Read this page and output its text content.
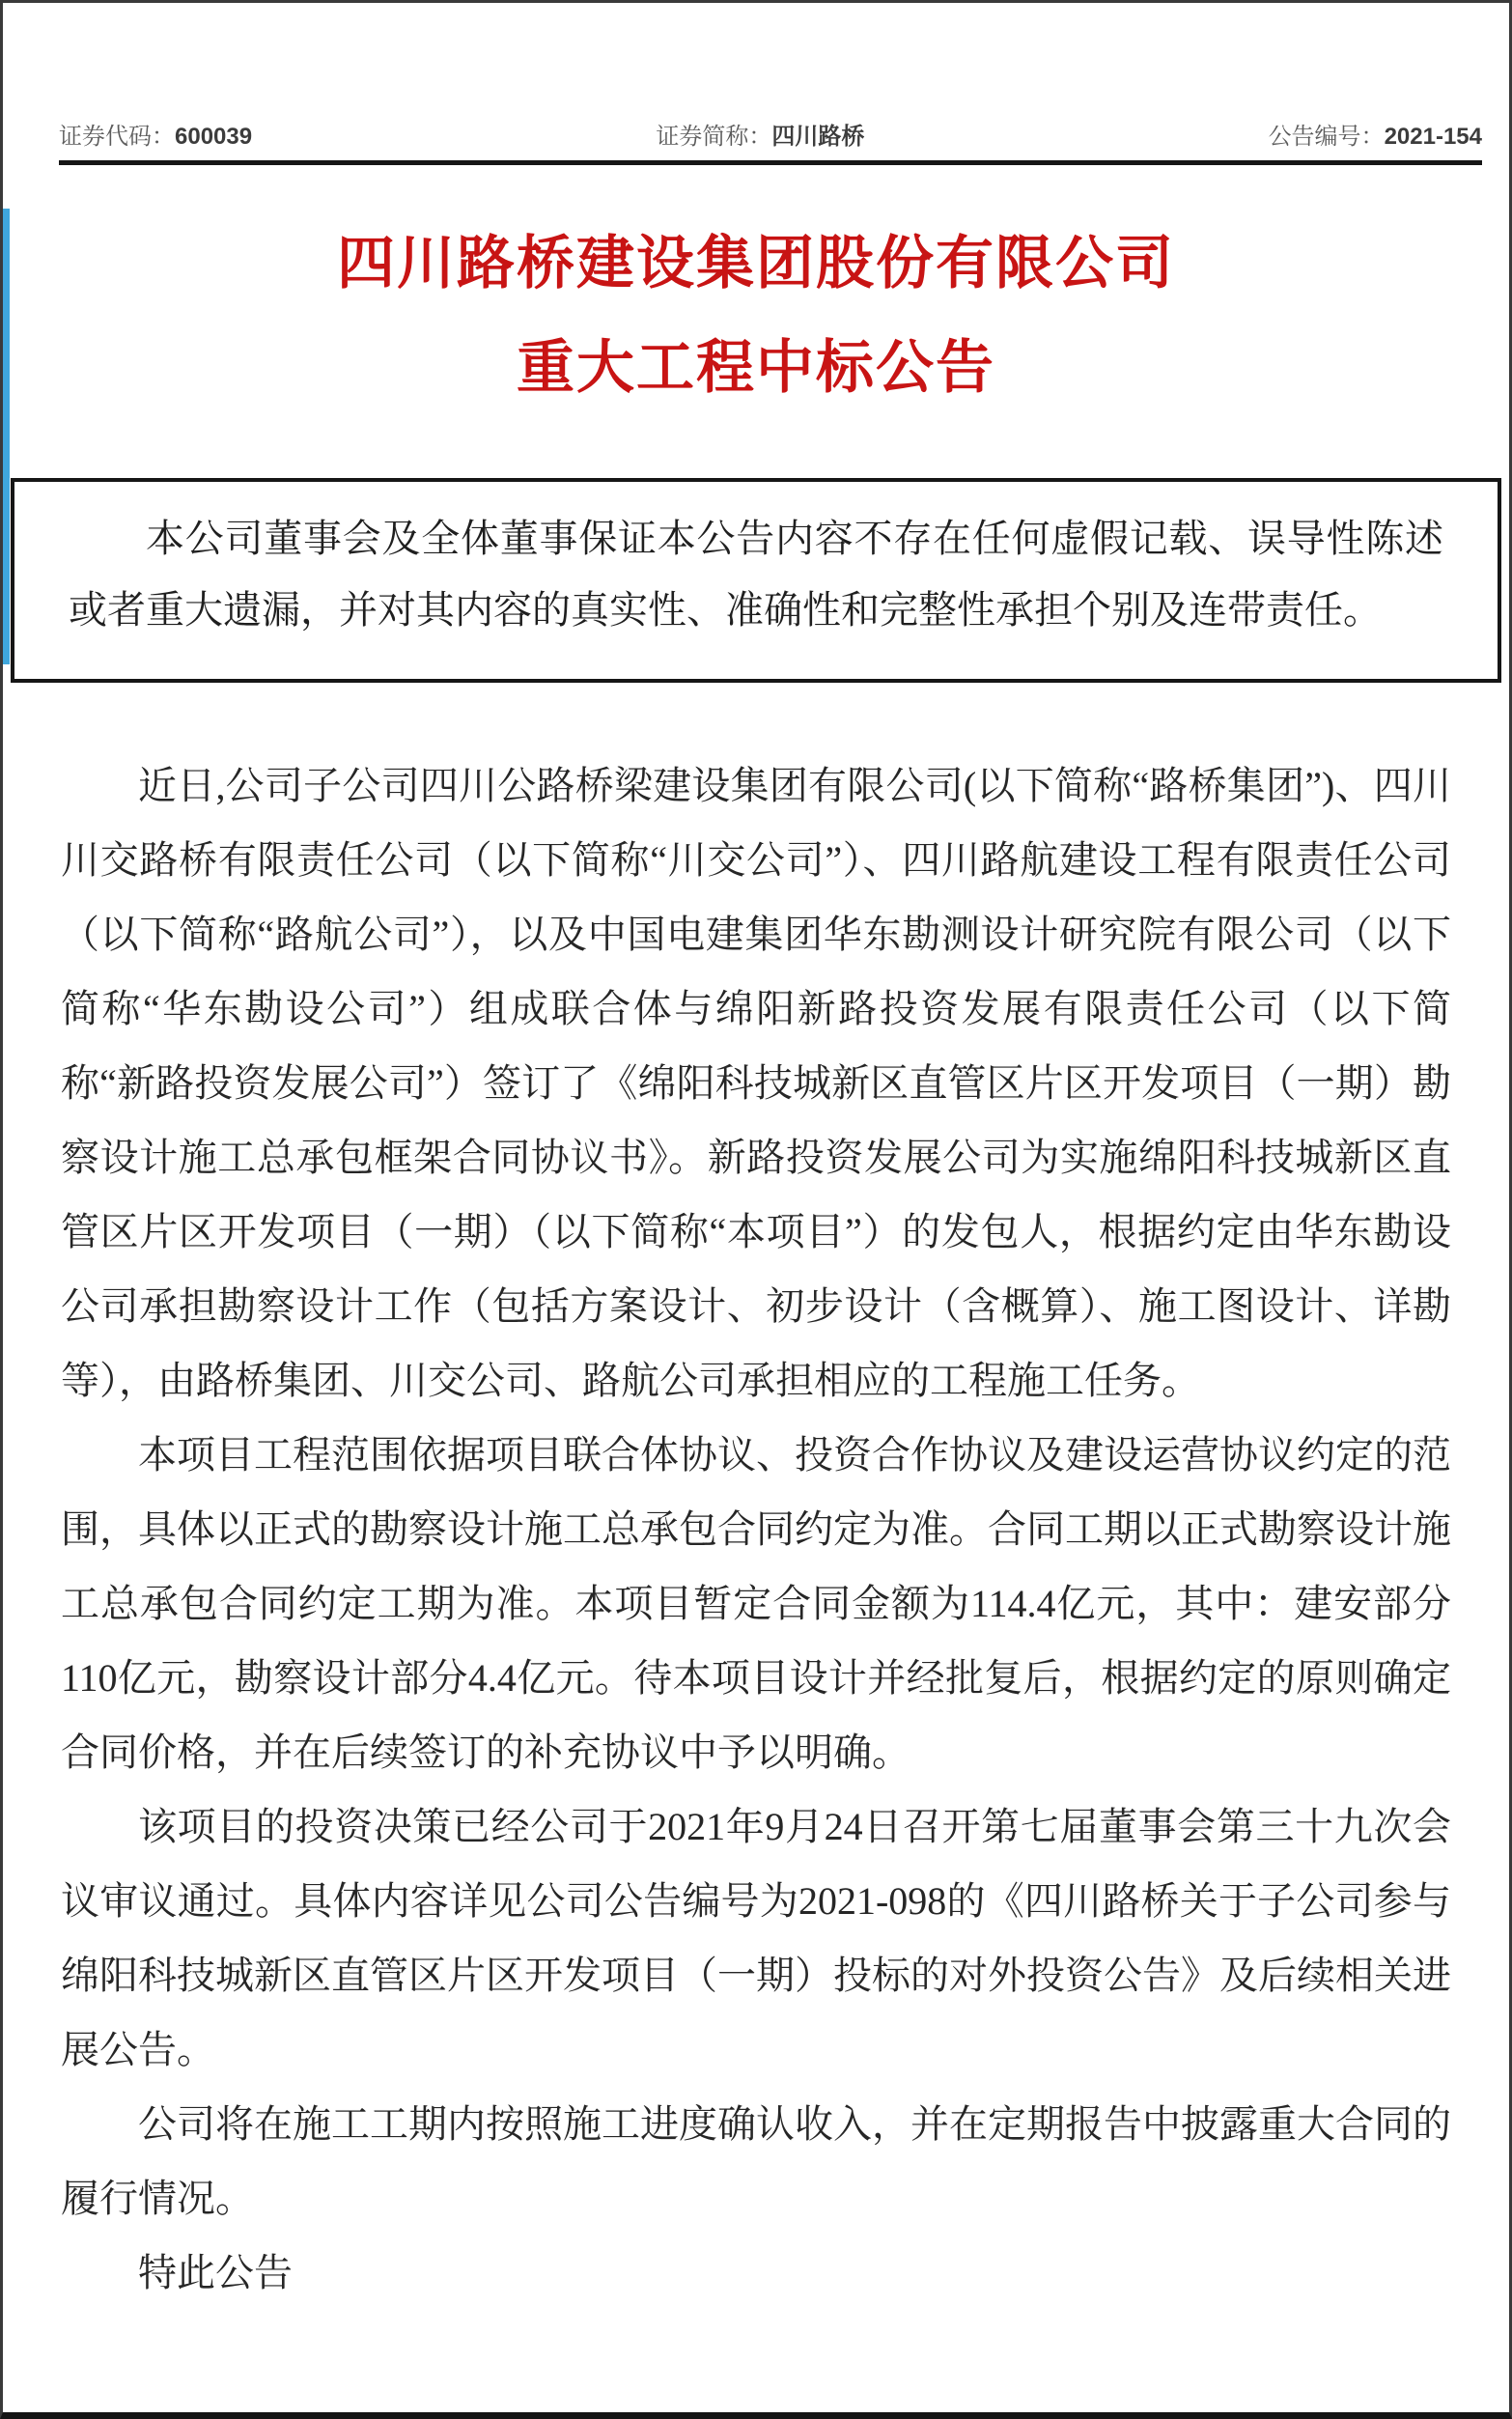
证券代码：600039	证券简称：四川路桥	公告编号：2021-154
四川路桥建设集团股份有限公司
重大工程中标公告
本公司董事会及全体董事保证本公告内容不存在任何虚假记载、误导性陈述或者重大遗漏，并对其内容的真实性、准确性和完整性承担个别及连带责任。

近日,公司子公司四川公路桥梁建设集团有限公司(以下简称“路桥集团”)、四川川交路桥有限责任公司（以下简称“川交公司”）、四川路航建设工程有限责任公司（以下简称“路航公司”），以及中国电建集团华东勘测设计研究院有限公司（以下简称“华东勘设公司”）组成联合体与绵阳新路投资发展有限责任公司（以下简称“新路投资发展公司”）签订了《绵阳科技城新区直管区片区开发项目（一期）勘察设计施工总承包框架合同协议书》。新路投资发展公司为实施绵阳科技城新区直管区片区开发项目（一期）（以下简称“本项目”）的发包人，根据约定由华东勘设公司承担勘察设计工作（包括方案设计、初步设计（含概算）、施工图设计、详勘等），由路桥集团、川交公司、路航公司承担相应的工程施工任务。

本项目工程范围依据项目联合体协议、投资合作协议及建设运营协议约定的范围，具体以正式的勘察设计施工总承包合同约定为准。合同工期以正式勘察设计施工总承包合同约定工期为准。本项目暂定合同金额为114.4亿元，其中：建安部分110亿元，勘察设计部分4.4亿元。待本项目设计并经批复后，根据约定的原则确定合同价格，并在后续签订的补充协议中予以明确。

该项目的投资决策已经公司于2021年9月24日召开第七届董事会第三十九次会议审议通过。具体内容详见公司公告编号为2021-098的《四川路桥关于子公司参与绵阳科技城新区直管区片区开发项目（一期）投标的对外投资公告》及后续相关进展公告。

公司将在施工工期内按照施工进度确认收入，并在定期报告中披露重大合同的履行情况。

特此公告
